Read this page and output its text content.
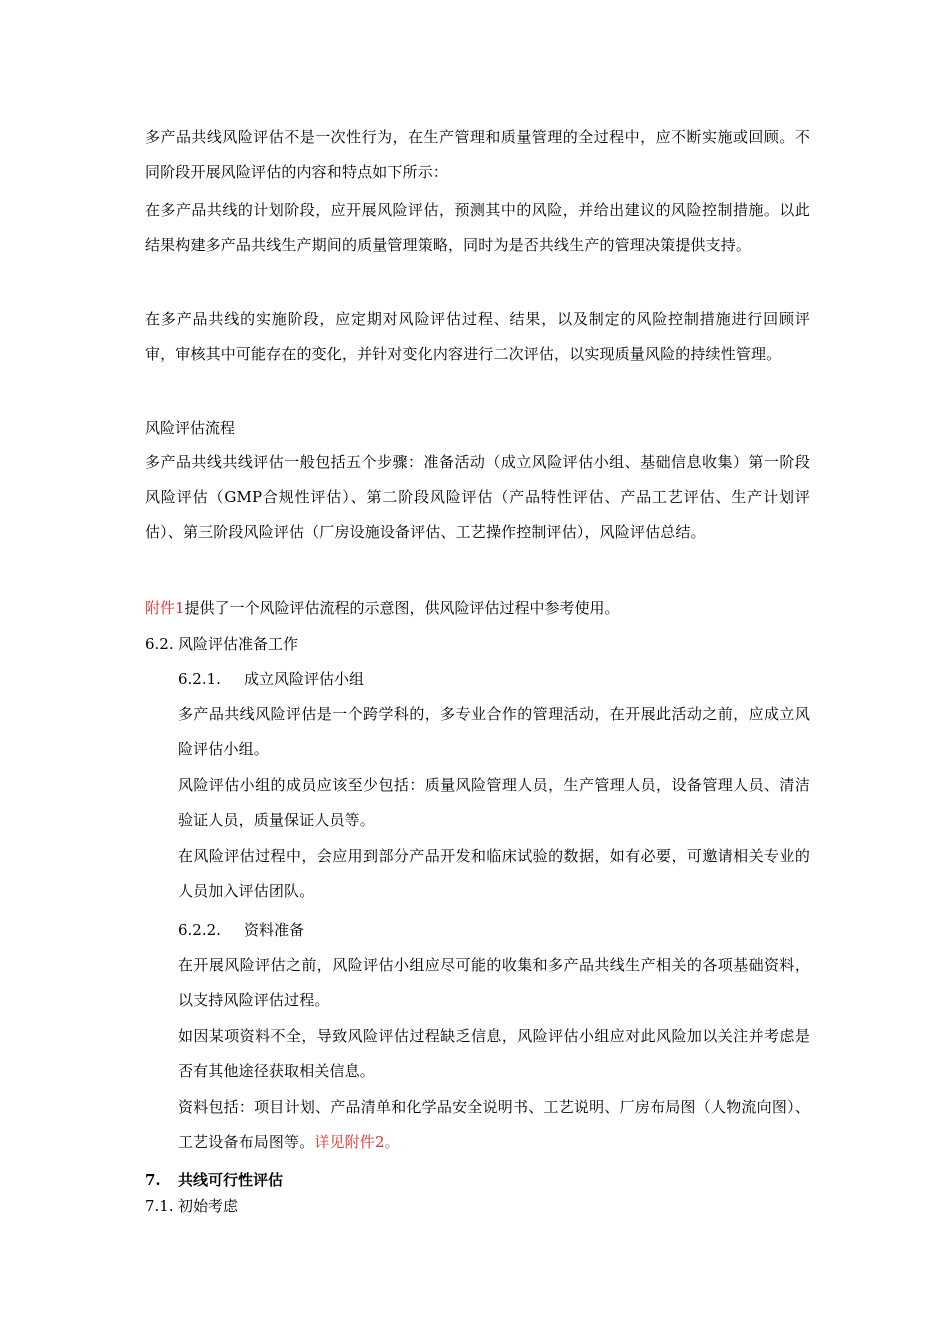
多产品共线风险评估不是一次性行为，在生产管理和质量管理的全过程中，应不断实施或回顾。不同阶段开展风险评估的内容和特点如下所示：

在多产品共线的计划阶段，应开展风险评估，预测其中的风险，并给出建议的风险控制措施。以此结果构建多产品共线生产期间的质量管理策略，同时为是否共线生产的管理决策提供支持。

在多产品共线的实施阶段，应定期对风险评估过程、结果，以及制定的风险控制措施进行回顾评审，审核其中可能存在的变化，并针对变化内容进行二次评估，以实现质量风险的持续性管理。

风险评估流程

多产品共线共线评估一般包括五个步骤：准备活动（成立风险评估小组、基础信息收集）第一阶段风险评估（GMP合规性评估）、第二阶段风险评估（产品特性评估、产品工艺评估、生产计划评估）、第三阶段风险评估（厂房设施设备评估、工艺操作控制评估），风险评估总结。

附件1提供了一个风险评估流程的示意图，供风险评估过程中参考使用。

6.2. 风险评估准备工作

6.2.1. 成立风险评估小组

多产品共线风险评估是一个跨学科的，多专业合作的管理活动，在开展此活动之前，应成立风险评估小组。

风险评估小组的成员应该至少包括：质量风险管理人员，生产管理人员，设备管理人员、清洁验证人员，质量保证人员等。

在风险评估过程中，会应用到部分产品开发和临床试验的数据，如有必要，可邀请相关专业的人员加入评估团队。

6.2.2. 资料准备

在开展风险评估之前，风险评估小组应尽可能的收集和多产品共线生产相关的各项基础资料，以支持风险评估过程。

如因某项资料不全，导致风险评估过程缺乏信息，风险评估小组应对此风险加以关注并考虑是否有其他途径获取相关信息。

资料包括：项目计划、产品清单和化学品安全说明书、工艺说明、厂房布局图（人物流向图）、工艺设备布局图等。详见附件2。

7. 共线可行性评估

7.1. 初始考虑
